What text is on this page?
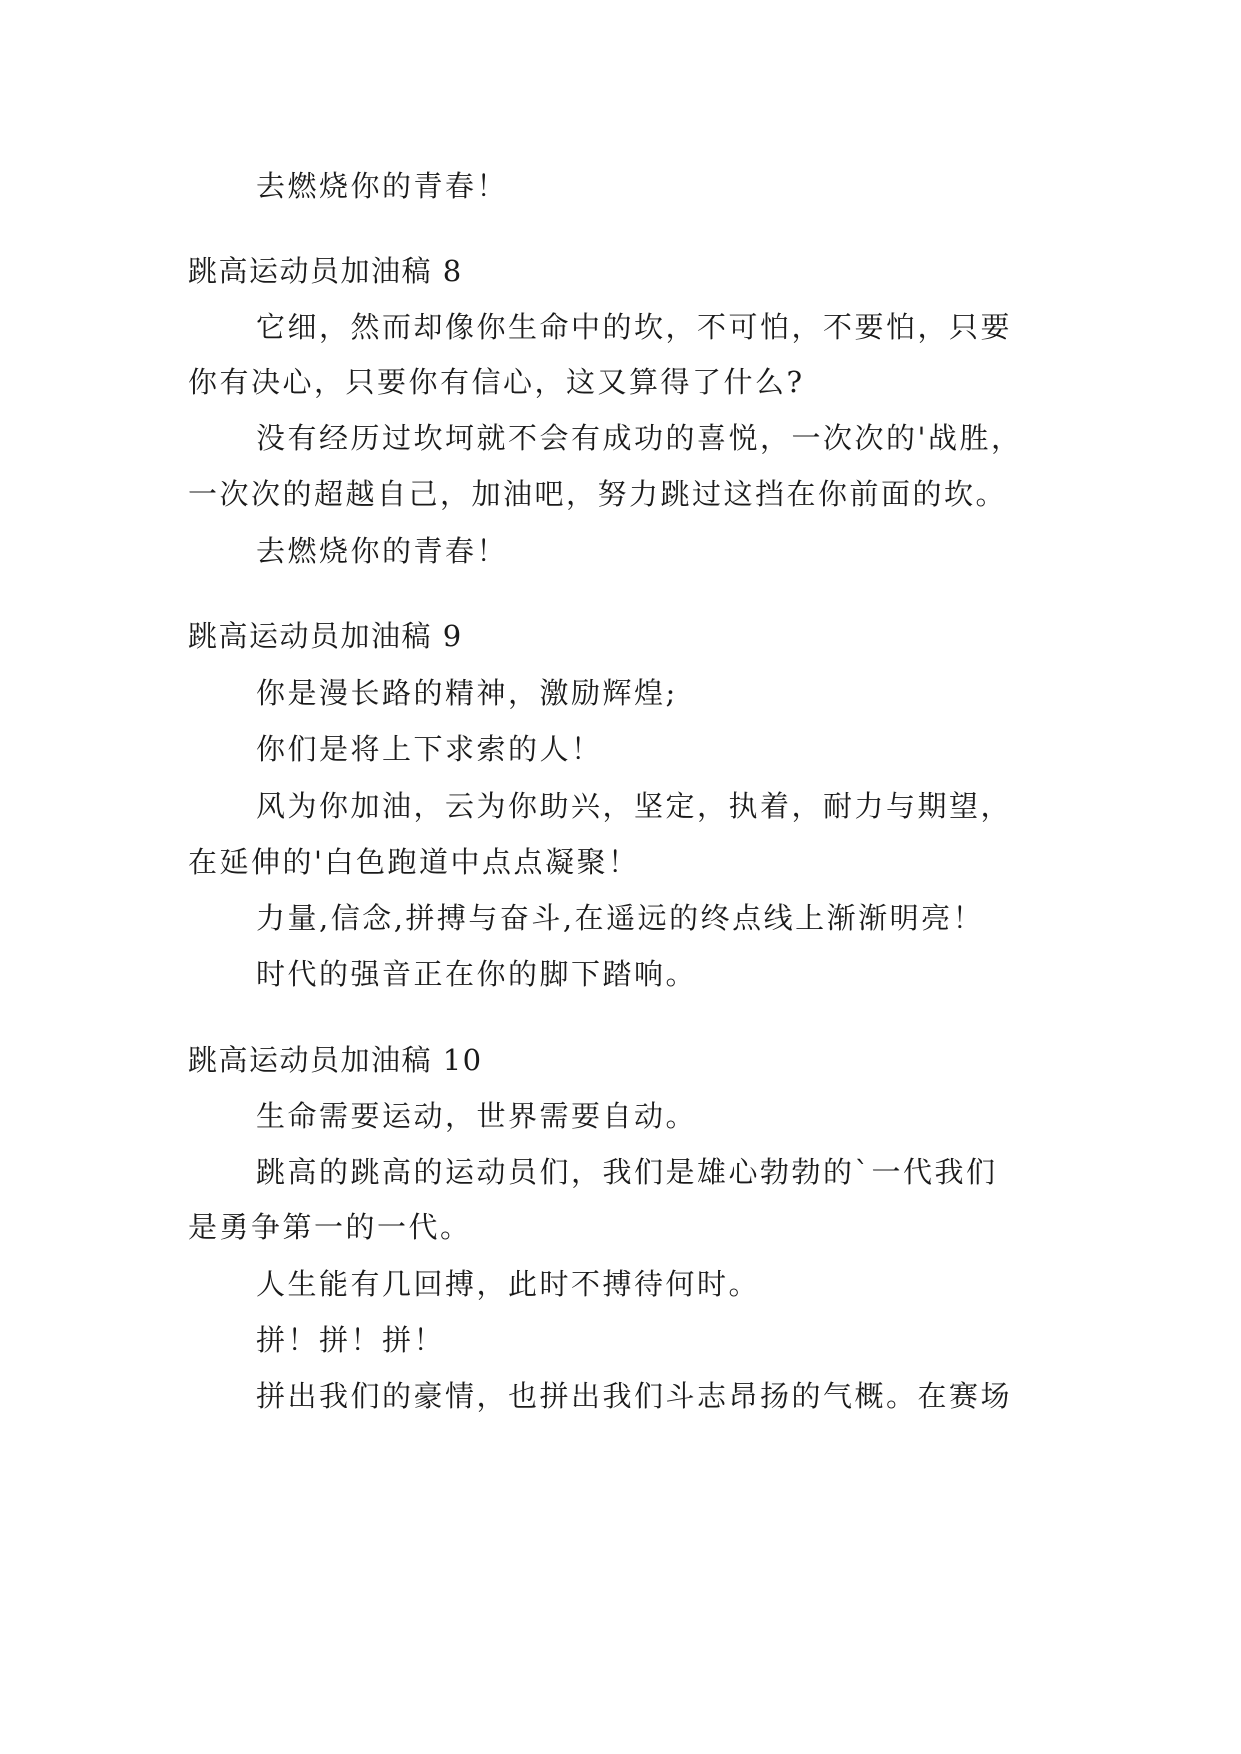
去燃烧你的青春！
跳高运动员加油稿 8
它细，然而却像你生命中的坎，不可怕，不要怕，只要
你有决心，只要你有信心，这又算得了什么?
没有经历过坎坷就不会有成功的喜悦，一次次的'战胜，
一次次的超越自己，加油吧，努力跳过这挡在你前面的坎。
去燃烧你的青春！
跳高运动员加油稿 9
你是漫长路的精神，激励辉煌;
你们是将上下求索的人！
风为你加油，云为你助兴，坚定，执着，耐力与期望，
在延伸的'白色跑道中点点凝聚！
力量,信念,拼搏与奋斗,在遥远的终点线上渐渐明亮！
时代的强音正在你的脚下踏响。
跳高运动员加油稿 10
生命需要运动，世界需要自动。
跳高的跳高的运动员们，我们是雄心勃勃的`一代我们
是勇争第一的一代。
人生能有几回搏，此时不搏待何时。
拼！拼！拼！
拼出我们的豪情，也拼出我们斗志昂扬的气概。在赛场
